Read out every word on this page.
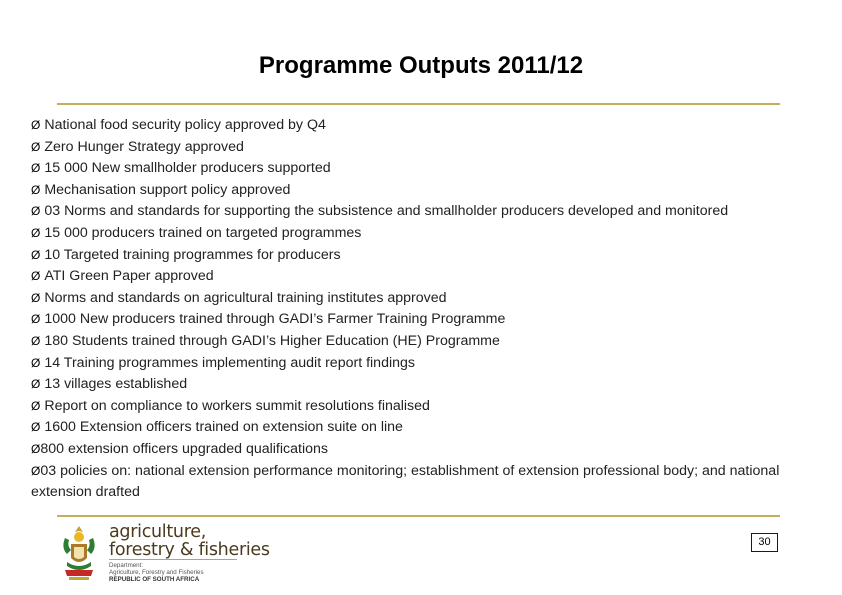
Programme Outputs 2011/12
Ø National food security policy approved by Q4
Ø Zero Hunger Strategy approved
Ø 15 000 New smallholder producers supported
Ø Mechanisation support policy approved
Ø 03 Norms and standards for supporting the subsistence and smallholder producers developed and monitored
Ø 15 000 producers trained on targeted programmes
Ø 10 Targeted training programmes for producers
Ø ATI Green Paper approved
Ø Norms and standards on agricultural training institutes approved
Ø 1000 New producers trained through GADI’s Farmer Training Programme
Ø 180 Students trained through GADI’s Higher Education (HE) Programme
Ø 14 Training programmes implementing audit report findings
Ø 13 villages established
Ø Report on compliance to workers summit resolutions finalised
Ø 1600 Extension officers trained on extension suite on line
Ø800 extension officers upgraded qualifications
Ø03 policies on: national extension performance monitoring; establishment of extension professional body; and national extension drafted
agriculture,
forestry & fisheries
Department:
Agriculture, Forestry and Fisheries
REPUBLIC OF SOUTH AFRICA
30
